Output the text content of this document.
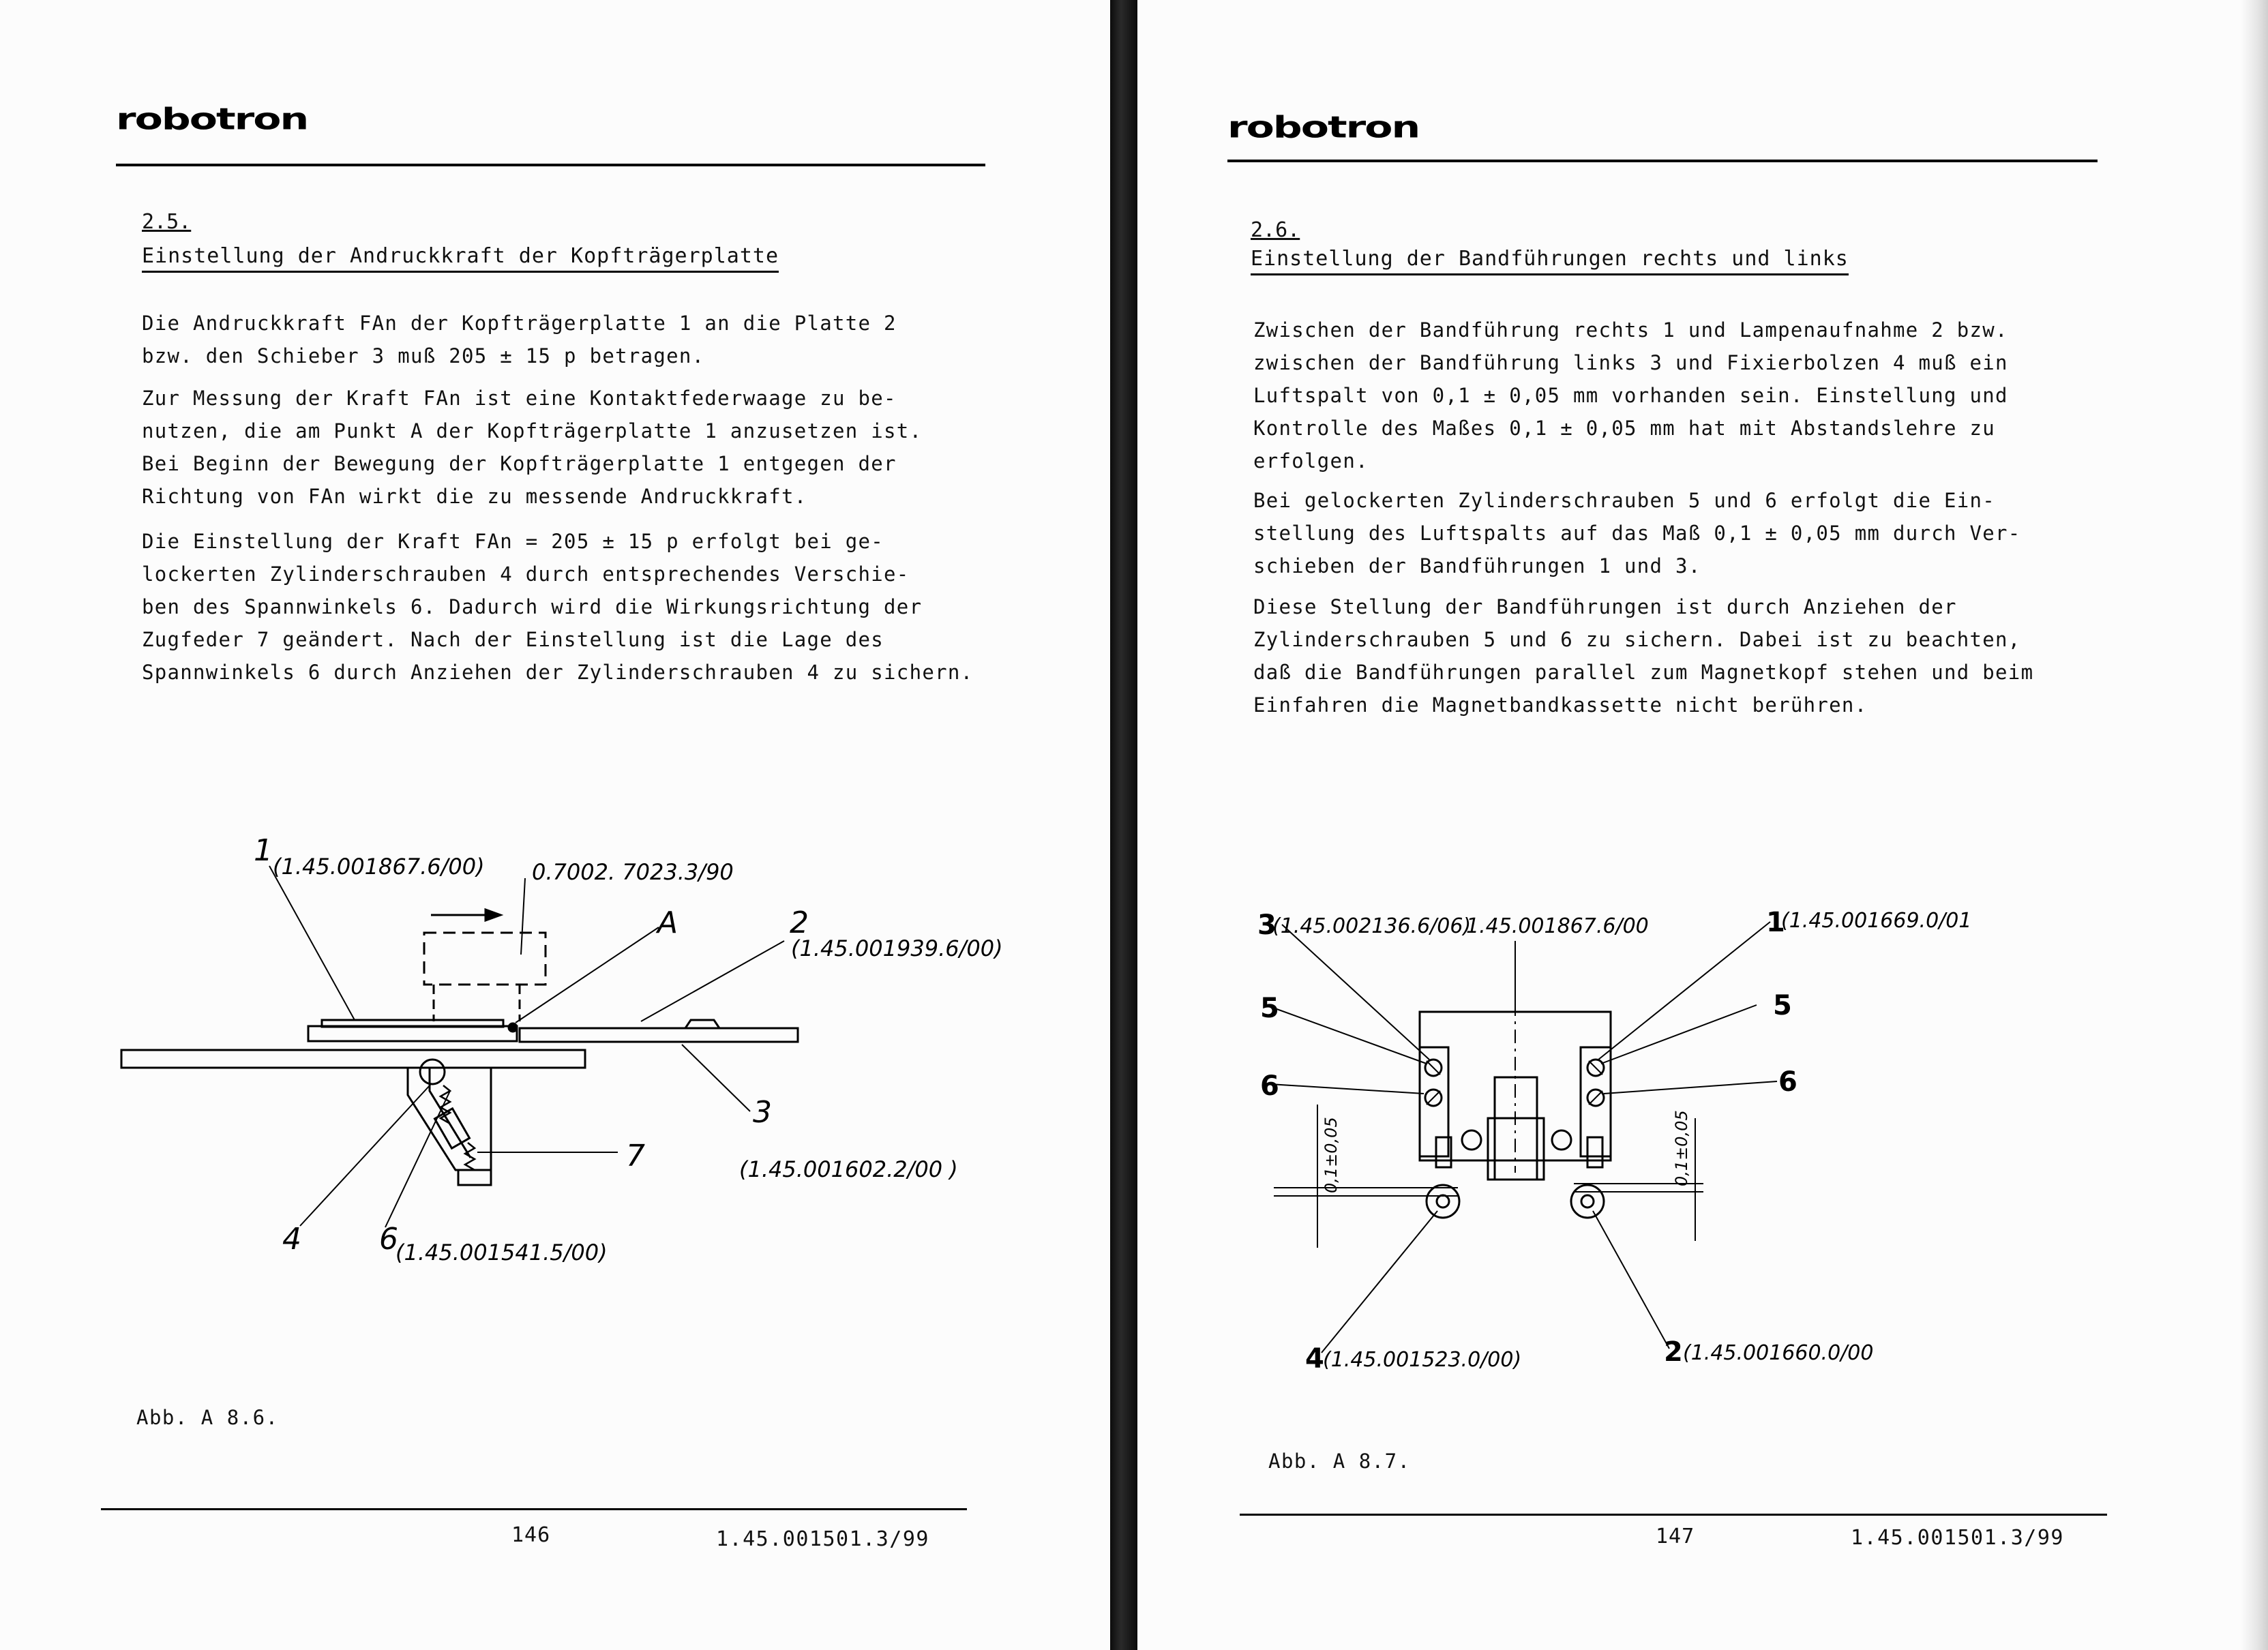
robotron
2.5.
Einstellung der Andruckkraft der Kopfträgerplatte
Die Andruckkraft FAn der Kopfträgerplatte 1 an die Platte 2
bzw. den Schieber 3 muß 205 ± 15 p betragen.
Zur Messung der Kraft FAn ist eine Kontaktfederwaage zu be-
nutzen, die am Punkt A der Kopfträgerplatte 1 anzusetzen ist.
Bei Beginn der Bewegung der Kopfträgerplatte 1 entgegen der
Richtung von FAn wirkt die zu messende Andruckkraft.
Die Einstellung der Kraft FAn = 205 ± 15 p erfolgt bei ge-
lockerten Zylinderschrauben 4 durch entsprechendes Verschie-
ben des Spannwinkels 6. Dadurch wird die Wirkungsrichtung der
Zugfeder 7 geändert. Nach der Einstellung ist die Lage des
Spannwinkels 6 durch Anziehen der Zylinderschrauben 4 zu sichern.
1 (1.45.001867.6/00) 0.7002. 7023.3/90
A	2
(1.45.001939.6/00)
3
(1.45.001602.2/00 )
7
4	6
(1.45.001541.5/00)
Abb. A 8.6.
146	1.45.001501.3/99
robotron
2.6.
Einstellung der Bandführungen rechts und links
Zwischen der Bandführung rechts 1 und Lampenaufnahme 2 bzw.
zwischen der Bandführung links 3 und Fixierbolzen 4 muß ein
Luftspalt von 0,1 ± 0,05 mm vorhanden sein. Einstellung und
Kontrolle des Maßes 0,1 ± 0,05 mm hat mit Abstandslehre zu
erfolgen.
Bei gelockerten Zylinderschrauben 5 und 6 erfolgt die Ein-
stellung des Luftspalts auf das Maß 0,1 ± 0,05 mm durch Ver-
schieben der Bandführungen 1 und 3.
Diese Stellung der Bandführungen ist durch Anziehen der
Zylinderschrauben 5 und 6 zu sichern. Dabei ist zu beachten,
daß die Bandführungen parallel zum Magnetkopf stehen und beim
Einfahren die Magnetbandkassette nicht berühren.
3
(1.45.002136.6/06)
1.45.001867.6/00	1
(1.45.001669.0/01
5	5
6	6
0,1±0,05	0,1±0,05
4
(1.45.001523.0/00)	2 (1.45.001660.0/00
Abb. A 8.7.
147	1.45.001501.3/99
